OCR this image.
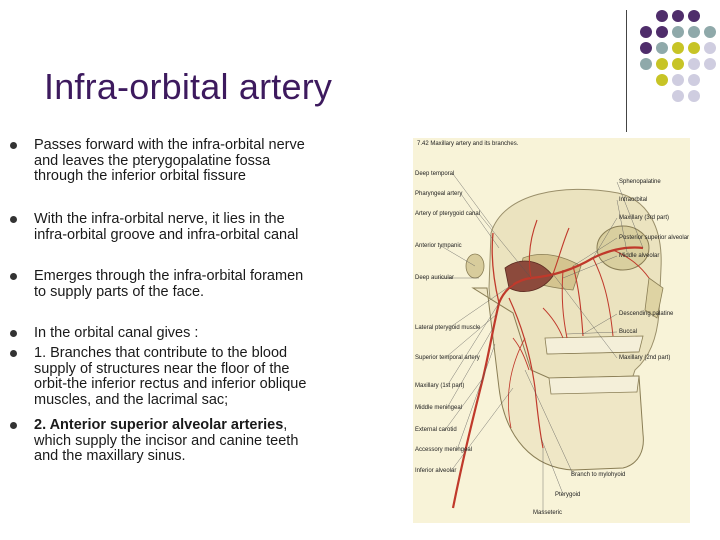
Infra-orbital artery
Passes forward with the infra-orbital nerve
and leaves the pterygopalatine fossa
through the inferior orbital fissure
With the infra-orbital nerve, it lies in the
infra-orbital groove and infra-orbital canal
Emerges through the infra-orbital foramen
to supply parts of the face.
In the orbital canal gives :
1. Branches that contribute to the blood
supply of structures near the floor of the
orbit-the inferior rectus and inferior oblique
muscles, and the lacrimal sac;
2. Anterior superior alveolar arteries,
which supply the incisor and canine teeth
and the maxillary sinus.
7.42 Maxillary artery and its branches.
Deep temporal
Pharyngeal artery
Artery of pterygoid canal
Anterior tympanic
Deep auricular
Lateral pterygoid muscle
Superior temporal artery
Maxillary (1st part)
Middle meningeal
External carotid
Accessory meningeal
Inferior alveolar
Sphenopalatine
Infraorbital
Maxillary (3rd part)
Posterior superior alveolar
Middle alveolar
Descending palatine
Buccal
Maxillary (2nd part)
Branch to mylohyoid
Pterygoid
Masseteric
